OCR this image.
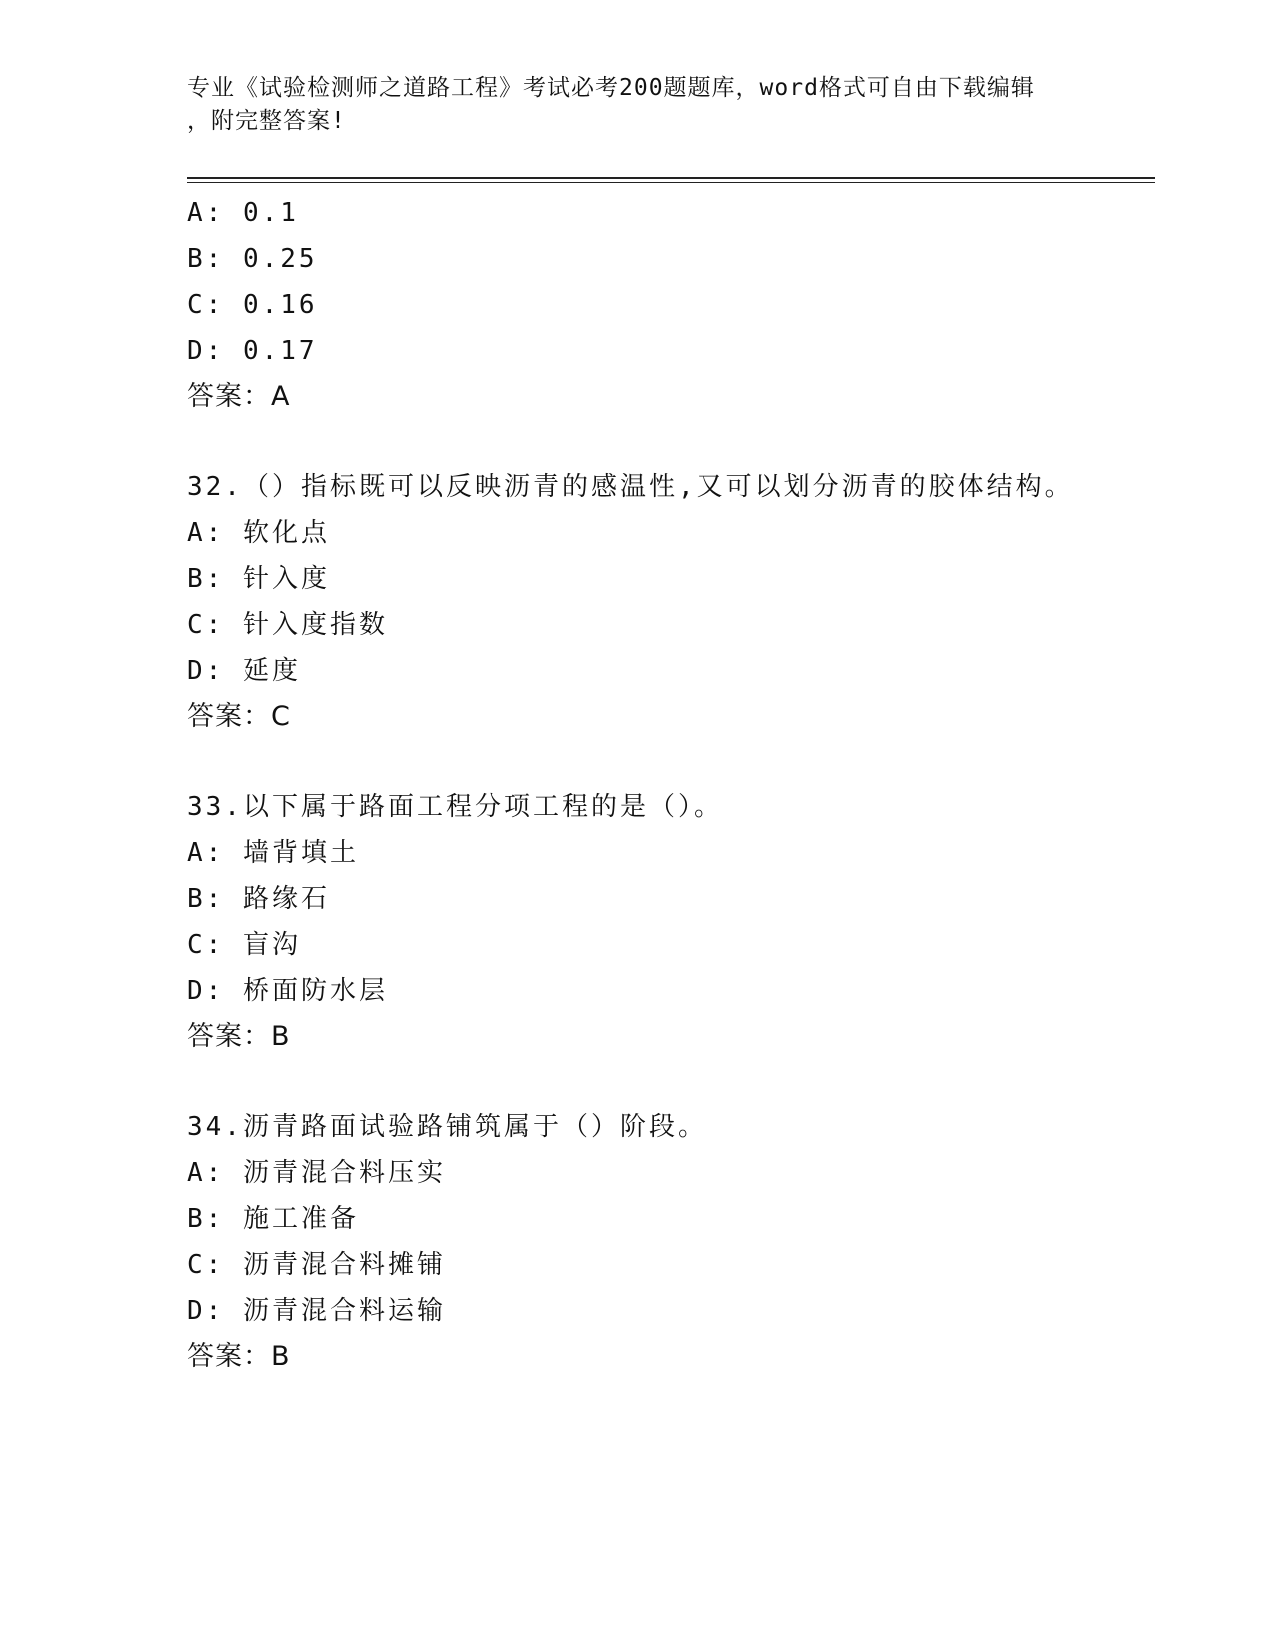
专业《试验检测师之道路工程》考试必考200题题库，word格式可自由下载编辑
，附完整答案!
A: 0.1
B: 0.25
C: 0.16
D: 0.17
答案：A
32.（）指标既可以反映沥青的感温性,又可以划分沥青的胶体结构。
A: 软化点
B: 针入度
C: 针入度指数
D: 延度
答案：C
33.以下属于路面工程分项工程的是（）。
A: 墙背填土
B: 路缘石
C: 盲沟
D: 桥面防水层
答案：B
34.沥青路面试验路铺筑属于（）阶段。
A: 沥青混合料压实
B: 施工准备
C: 沥青混合料摊铺
D: 沥青混合料运输
答案：B
